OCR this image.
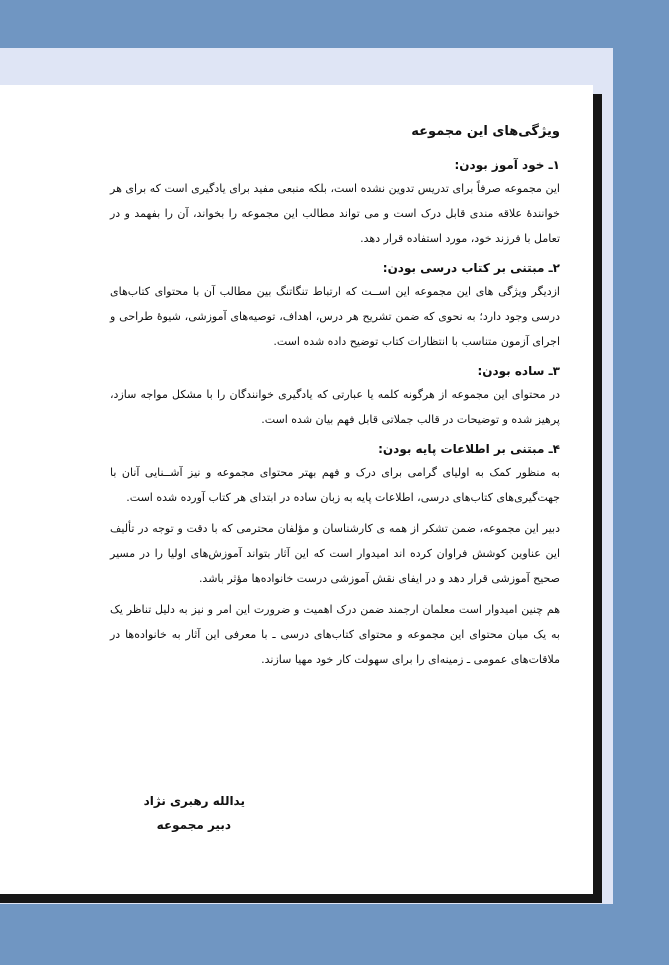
ویژگی‌های این مجموعه
۱ـ خود آموز بودن:
این مجموعه صرفاً برای تدریس تدوین نشده است، بلکه منبعی مفید برای یادگیری است که برای هر خوانندهٔ علاقه مندی قابل درک است و می تواند مطالب این مجموعه را بخواند، آن را بفهمد و در تعامل با فرزند خود، مورد استفاده قرار دهد.
۲ـ مبتنی بر کتاب درسی بودن:
ازدیگر ویژگی های این مجموعه این اســت که ارتباط تنگاتنگ بین مطالب آن با محتوای کتاب‌های درسی وجود دارد؛ به نحوی که ضمن تشریح هر درس، اهداف، توصیه‌های آموزشی، شیوهٔ طراحی و اجرای آزمون متناسب با انتظارات کتاب توضیح داده شده است.
۳ـ ساده بودن:
در محتوای این مجموعه از هرگونه کلمه یا عبارتی که یادگیری خوانندگان را با مشکل مواجه سازد، پرهیز شده و توضیحات در قالب جملاتی قابل فهم بیان شده است.
۴ـ مبتنی بر اطلاعات پایه بودن:
به منظور کمک به اولیای گرامی برای درک و فهم بهتر محتوای مجموعه و نیز آشــنایی آنان با جهت‌گیری‌های کتاب‌های درسی، اطلاعات پایه به زبان ساده در ابتدای هر کتاب آورده شده است.
دبیر این مجموعه، ضمن تشکر از همه ی کارشناسان و مؤلفان محترمی که با دقت و توجه در تألیف این عناوین کوشش فراوان کرده اند امیدوار است که این آثار بتواند آموزش‌های اولیا را در مسیر صحیح آموزشی قرار دهد و در ایفای نقش آموزشی درست خانواده‌ها مؤثر باشد.
هم چنین امیدوار است معلمان ارجمند ضمن درک اهمیت و ضرورت این امر و نیز به دلیل تناظر یک به یک میان محتوای این مجموعه و محتوای کتاب‌های درسی ـ با معرفی این آثار به خانواده‌ها در ملاقات‌های عمومی ـ زمینه‌ای را برای سهولت کار خود مهیا سازند.
یدالله رهبری نژاد
دبیر مجموعه
